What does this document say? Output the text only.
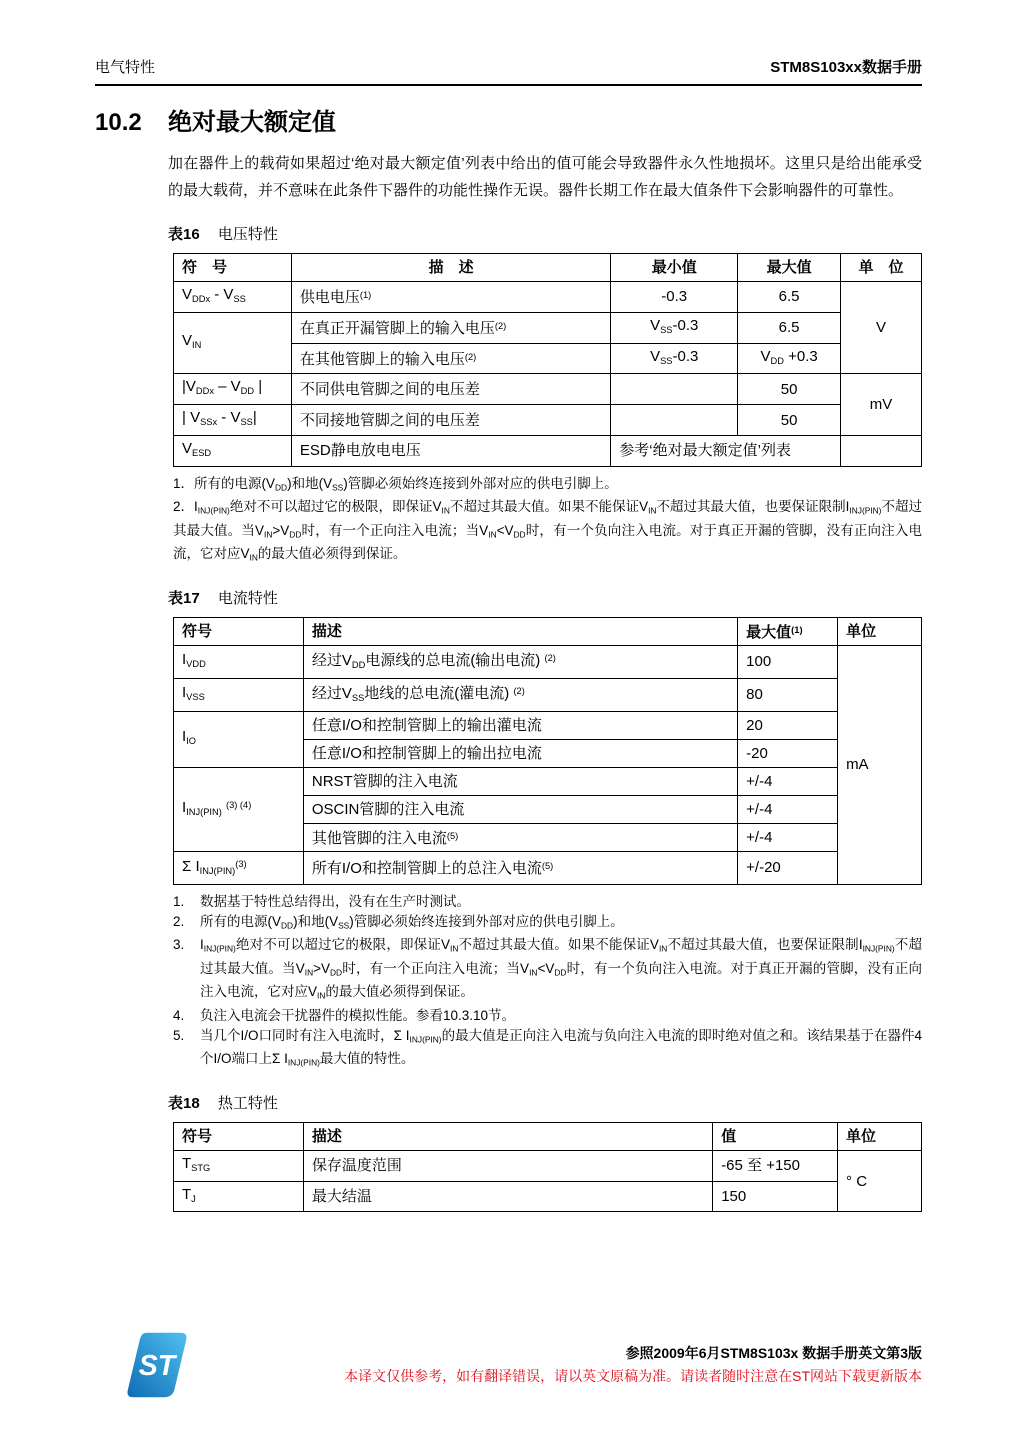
电气特性	STM8S103xx数据手册
10.2	绝对最大额定值

加在器件上的载荷如果超过‘绝对最大额定值’列表中给出的值可能会导致器件永久性地损坏。这里只是给出能承受的最大载荷，并不意味在此条件下器件的功能性操作无误。器件长期工作在最大值条件下会影响器件的可靠性。

表16 电压特性
符　号	描　述	最小值	最大值	单　位
$V_{DDx} - V_{SS}$	供电电压$^{(1)}$	-0.3	6.5	V
$V_{IN}$	在真正开漏管脚上的输入电压$^{(2)}$	$V_{SS}-0.3$	6.5	
	在其他管脚上的输入电压$^{(2)}$	$V_{SS}-0.3$	$V_{DD} +0.3$	
$|V_{DDx} - V_{DD}$ |	不同供电管脚之间的电压差		50	mV
| $V_{SSx} - V_{SS}|$	不同接地管脚之间的电压差		50	
$V_{ESD}$	ESD静电放电电压	参考‘绝对最大额定值’列表		
1．所有的电源$(V_{DD})$和地$(V_{SS})$管脚必须始终连接到外部对应的供电引脚上。
2．$I_{INJ(PIN)}$绝对不可以超过它的极限，即保证$V_{IN}$不超过其最大值。如果不能保证$V_{IN}$不超过其最大值，也要保证限制$I_{INJ(PIN)}$不超过其最大值。当$V_{IN}>V_{DD}$时，有一个正向注入电流；当$V_{IN}<V_{DD}$时，有一个负向注入电流。对于真正开漏的管脚，没有正向注入电流，它对应$V_{IN}$的最大值必须得到保证。
表17 电流特性
符号	描述	最大值$^{(1)}$	单位
$I_{VDD}$	经过$V_{DD}$电源线的总电流(输出电流) $^{(2)}$	100	mA
$I_{VSS}$	经过$V_{SS}$地线的总电流(灌电流) $^{(2)}$	80	
$I_{IO}$	任意I/O和控制管脚上的输出灌电流	20	
	任意I/O和控制管脚上的输出拉电流	-20	
$I_{INJ(PIN)}$ $^{(3) (4)}$	NRST管脚的注入电流	+/-4	
	OSCIN管脚的注入电流	+/-4	
	其他管脚的注入电流$^{(5)}$	+/-4	
Σ $I_{INJ(PIN)}^{(3)}$	所有I/O和控制管脚上的总注入电流$^{(5)}$	+/-20	
1.	数据基于特性总结得出，没有在生产时测试。
2.	所有的电源$(V_{DD})$和地$(V_{SS})$管脚必须始终连接到外部对应的供电引脚上。
3.	$I_{INJ(PIN)}$绝对不可以超过它的极限，即保证$V_{IN}$不超过其最大值。如果不能保证$V_{IN}$不超过其最大值，也要保证限制$I_{INJ(PIN)}$不超过其最大值。当$V_{IN}>V_{DD}$时，有一个正向注入电流；当$V_{IN}<V_{DD}$时，有一个负向注入电流。对于真正开漏的管脚，没有正向注入电流，它对应$V_{IN}$的最大值必须得到保证。
4.	负注入电流会干扰器件的模拟性能。参看10.3.10节。
5.	当几个I/O口同时有注入电流时，Σ $I_{INJ(PIN)}$的最大值是正向注入电流与负向注入电流的即时绝对值之和。该结果基于在器件4个I/O端口上Σ $I_{INJ(PIN)}$最大值的特性。
表18 热工特性
符号	描述	值	单位
$T_{STG}$	保存温度范围	-65 至 +150	° C
$T_J$	最大结温	150	
参照2009年6月STM8S103x 数据手册英文第3版
本译文仅供参考，如有翻译错误，请以英文原稿为准。请读者随时注意在ST网站下载更新版本
ST
